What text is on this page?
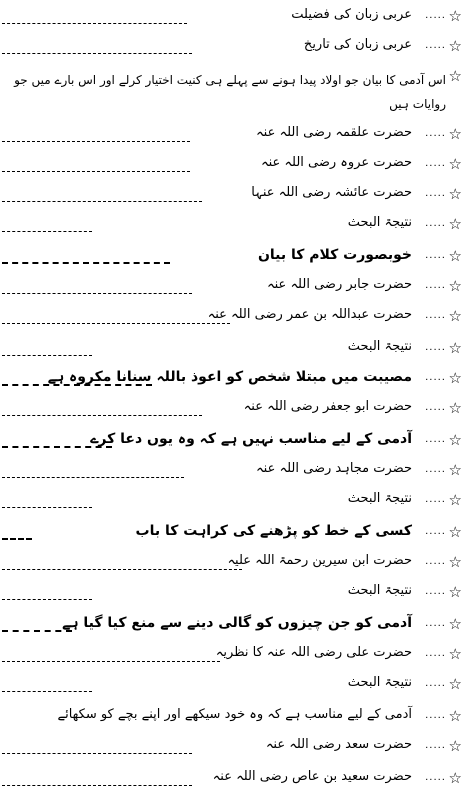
☆
.....
عربی زبان کی فضیلت
☆
.....
عربی زبان کی تاریخ
☆
اس آدمی کا بیان جو اولاد پیدا ہونے سے پہلے ہی کنیت اختیار کرلے اور اس بارے میں جو روایات ہیں
☆
.....
حضرت علقمہ رضی اللہ عنہ
☆
.....
حضرت عروہ رضی اللہ عنہ
☆
.....
حضرت عائشہ رضی اللہ عنہا
☆
.....
نتیجۃ البحث
☆
.....
خوبصورت کلام کا بیان
☆
.....
حضرت جابر رضی اللہ عنہ
☆
.....
حضرت عبداللہ بن عمر رضی اللہ عنہ
☆
.....
نتیجۃ البحث
☆
.....
مصیبت میں مبتلا شخص کو اعوذ باللہ سنانا مکروہ ہے
☆
.....
حضرت ابو جعفر رضی اللہ عنہ
☆
.....
آدمی کے لیے مناسب نہیں ہے کہ وہ یوں دعا کرے
☆
.....
حضرت مجاہد رضی اللہ عنہ
☆
.....
نتیجۃ البحث
☆
.....
کسی کے خط کو پڑھنے کی کراہت کا باب
☆
.....
حضرت ابن سیرین رحمۃ اللہ علیہ
☆
.....
نتیجۃ البحث
☆
.....
آدمی کو جن چیزوں کو گالی دینے سے منع کیا گیا ہے
☆
.....
حضرت علی رضی اللہ عنہ کا نظریہ
☆
.....
نتیجۃ البحث
☆
.....
آدمی کے لیے مناسب ہے کہ وہ خود سیکھے اور اپنے بچے کو سکھائے
☆
.....
حضرت سعد رضی اللہ عنہ
☆
.....
حضرت سعید بن عاص رضی اللہ عنہ
